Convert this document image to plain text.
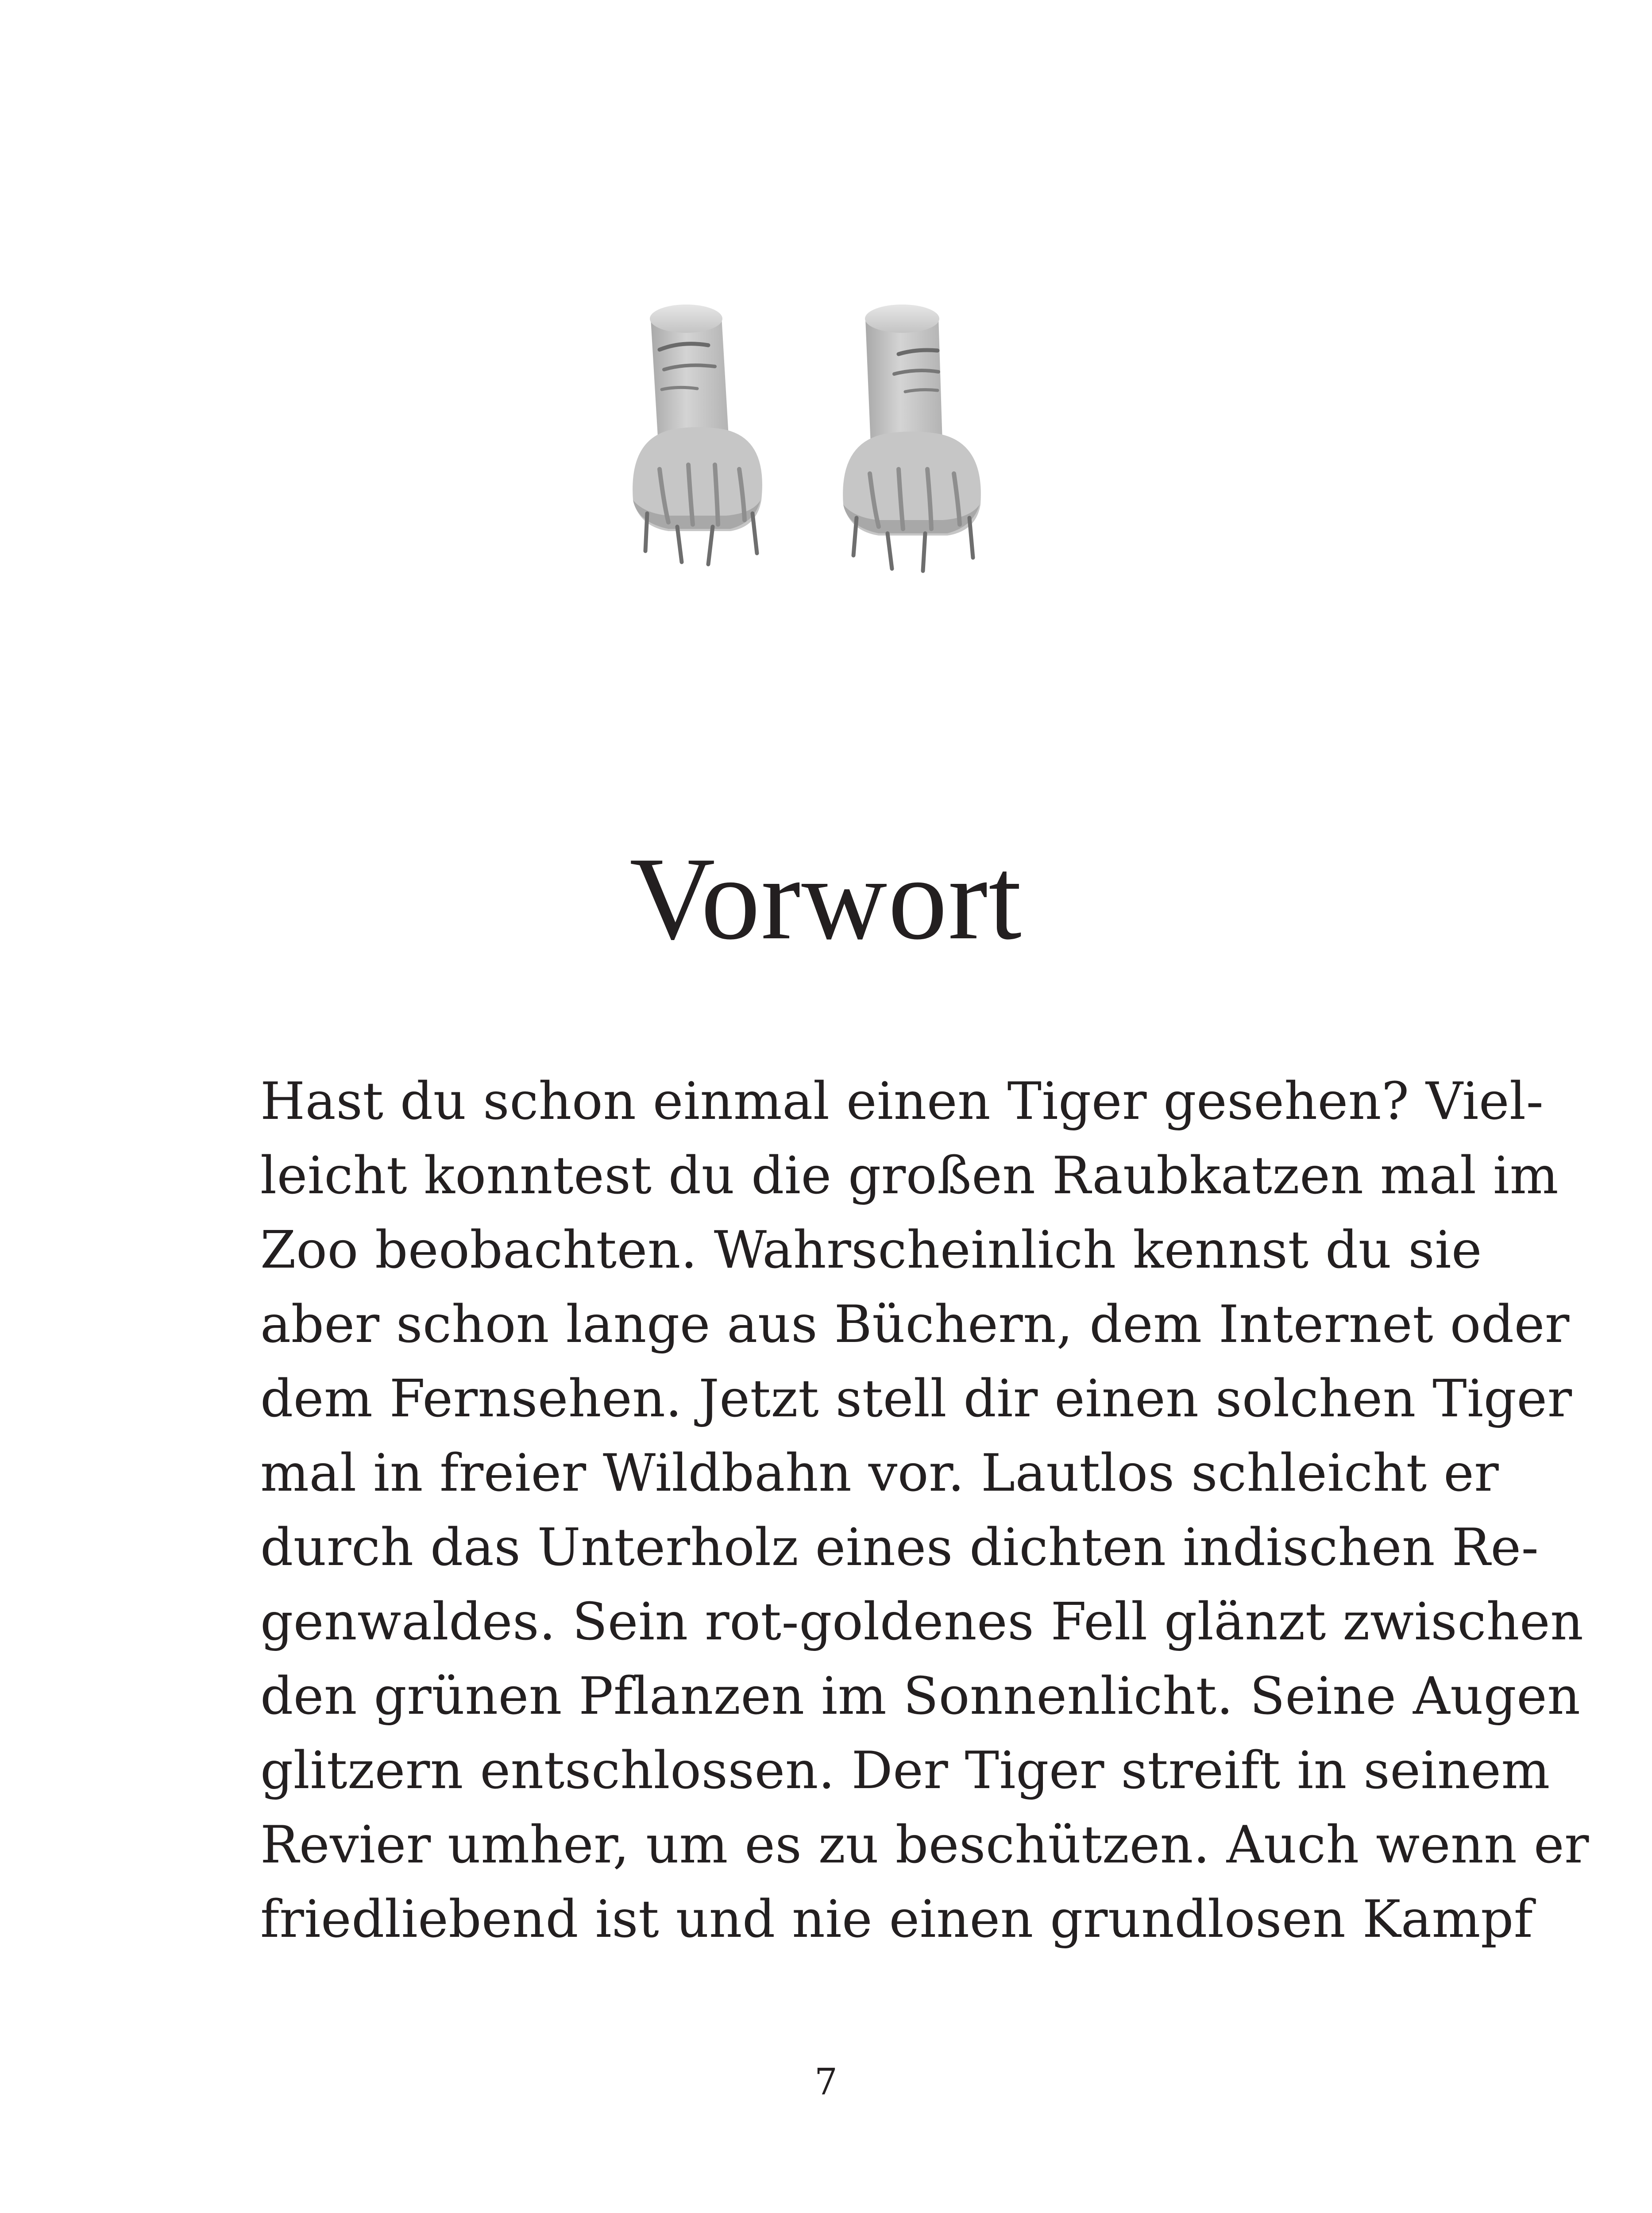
Vorwort
Hast du schon einmal einen Tiger gesehen? Viel-
leicht konntest du die großen Raubkatzen mal im
Zoo beobachten. Wahrscheinlich kennst du sie
aber schon lange aus Büchern, dem Internet oder
dem Fernsehen. Jetzt stell dir einen solchen Tiger
mal in freier Wildbahn vor. Lautlos schleicht er
durch das Unterholz eines dichten indischen Re-
genwaldes. Sein rot-goldenes Fell glänzt zwischen
den grünen Pflanzen im Sonnenlicht. Seine Augen
glitzern entschlossen. Der Tiger streift in seinem
Revier umher, um es zu beschützen. Auch wenn er
friedliebend ist und nie einen grundlosen Kampf
7
